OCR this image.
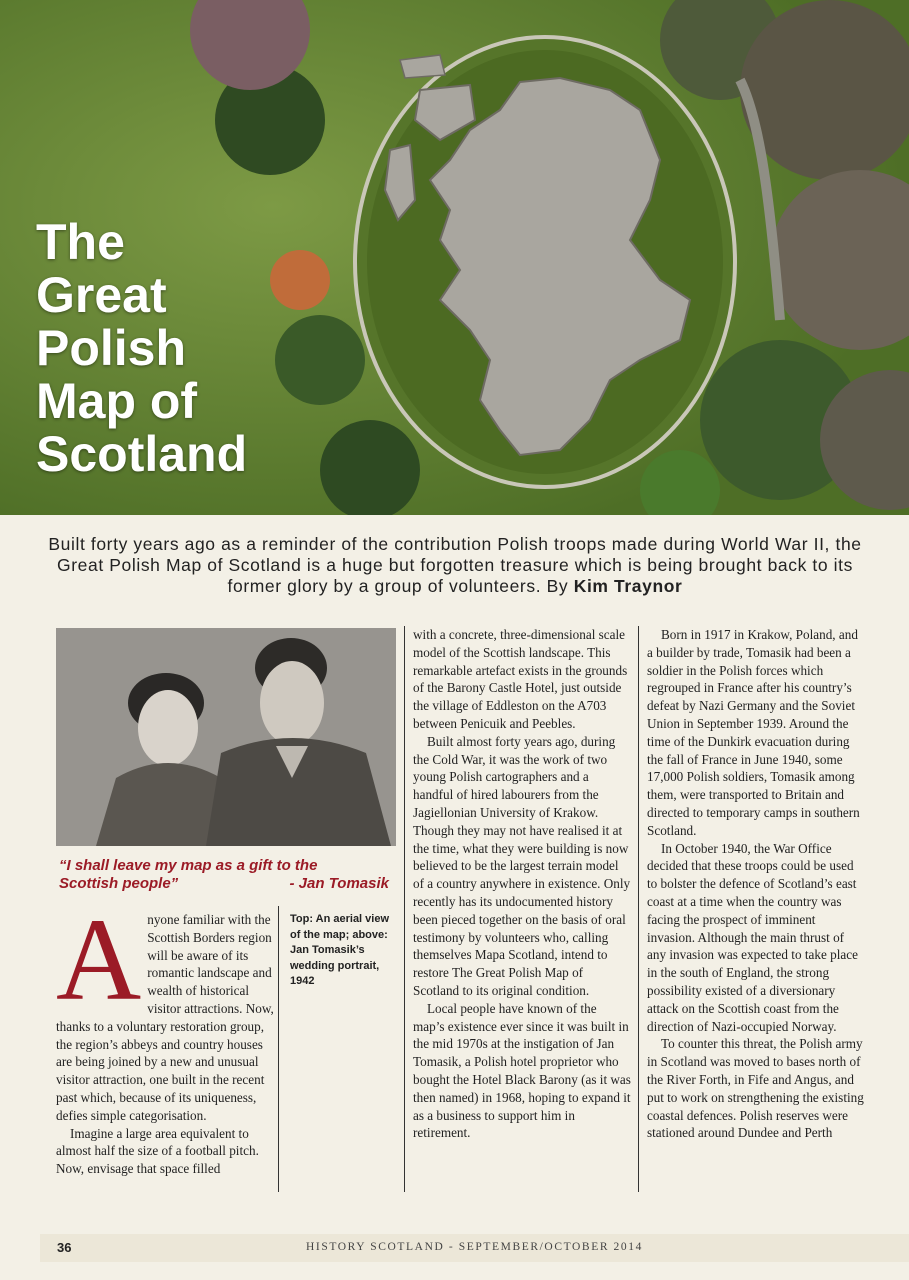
The
Great
Polish
Map of
Scotland

Built forty years ago as a reminder of the contribution Polish troops made during World War II, the Great Polish Map of Scotland is a huge but forgotten treasure which is being brought back to its former glory by a group of volunteers. By Kim Traynor

“I shall leave my map as a gift to the
Scottish people”	- Jan Tomasik

Anyone familiar with the Scottish Borders region will be aware of its romantic landscape and wealth of historical visitor attractions. Now, thanks to a voluntary restoration group, the region’s abbeys and country houses are being joined by a new and unusual visitor attraction, one built in the recent past which, because of its uniqueness, defies simple categorisation.

Imagine a large area equivalent to almost half the size of a football pitch. Now, envisage that space filled

Top: An aerial view of the map; above: Jan Tomasik’s wedding portrait, 1942

with a concrete, three-dimensional scale model of the Scottish landscape. This remarkable artefact exists in the grounds of the Barony Castle Hotel, just outside the village of Eddleston on the A703 between Penicuik and Peebles.

Built almost forty years ago, during the Cold War, it was the work of two young Polish cartographers and a handful of hired labourers from the Jagiellonian University of Krakow. Though they may not have realised it at the time, what they were building is now believed to be the largest terrain model of a country anywhere in existence. Only recently has its undocumented history been pieced together on the basis of oral testimony by volunteers who, calling themselves Mapa Scotland, intend to restore The Great Polish Map of Scotland to its original condition.

Local people have known of the map’s existence ever since it was built in the mid 1970s at the instigation of Jan Tomasik, a Polish hotel proprietor who bought the Hotel Black Barony (as it was then named) in 1968, hoping to expand it as a business to support him in retirement.

Born in 1917 in Krakow, Poland, and a builder by trade, Tomasik had been a soldier in the Polish forces which regrouped in France after his country’s defeat by Nazi Germany and the Soviet Union in September 1939. Around the time of the Dunkirk evacuation during the fall of France in June 1940, some 17,000 Polish soldiers, Tomasik among them, were transported to Britain and directed to temporary camps in southern Scotland.

In October 1940, the War Office decided that these troops could be used to bolster the defence of Scotland’s east coast at a time when the country was facing the prospect of imminent invasion. Although the main thrust of any invasion was expected to take place in the south of England, the strong possibility existed of a diversionary attack on the Scottish coast from the direction of Nazi-occupied Norway.

To counter this threat, the Polish army in Scotland was moved to bases north of the River Forth, in Fife and Angus, and put to work on strengthening the existing coastal defences. Polish reserves were stationed around Dundee and Perth

HISTORY SCOTLAND - SEPTEMBER/OCTOBER 2014
36
